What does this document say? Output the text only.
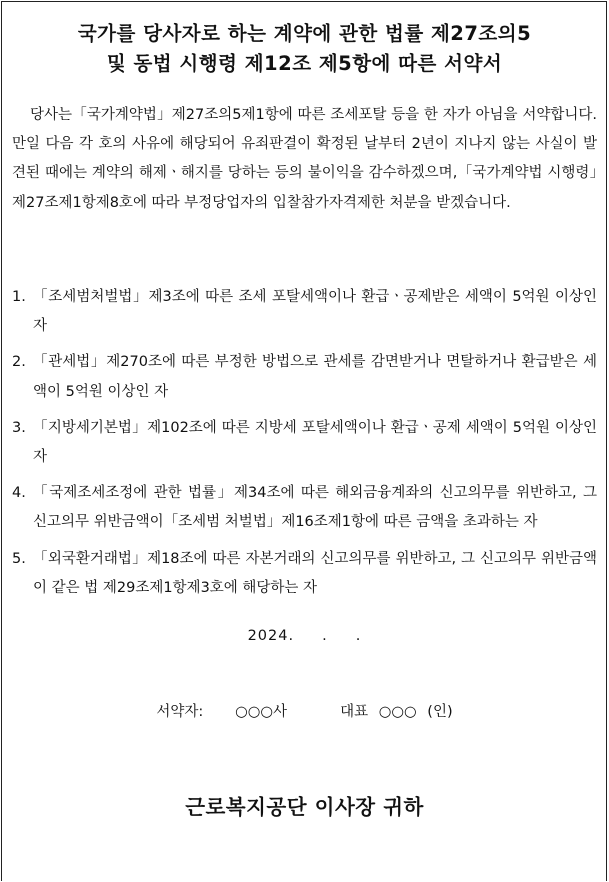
국가를 당사자로 하는 계약에 관한 법률 제27조의5
및 동법 시행령 제12조 제5항에 따른 서약서

당사는「국가계약법」제27조의5제1항에 따른 조세포탈 등을 한 자가 아님을 서약합니다. 만일 다음 각 호의 사유에 해당되어 유죄판결이 확정된 날부터 2년이 지나지 않는 사실이 발견된 때에는 계약의 해제ㆍ해지를 당하는 등의 불이익을 감수하겠으며,「국가계약법 시행령」제27조제1항제8호에 따라 부정당업자의 입찰참가자격제한 처분을 받겠습니다.

1. 「조세범처벌법」제3조에 따른 조세 포탈세액이나 환급ㆍ공제받은 세액이 5억원 이상인 자
2. 「관세법」제270조에 따른 부정한 방법으로 관세를 감면받거나 면탈하거나 환급받은 세액이 5억원 이상인 자
3. 「지방세기본법」제102조에 따른 지방세 포탈세액이나 환급ㆍ공제 세액이 5억원 이상인 자
4. 「국제조세조정에 관한 법률」제34조에 따른 해외금융계좌의 신고의무를 위반하고, 그 신고의무 위반금액이「조세범 처벌법」제16조제1항에 따른 금액을 초과하는 자
5. 「외국환거래법」제18조에 따른 자본거래의 신고의무를 위반하고, 그 신고의무 위반금액이 같은 법 제29조제1항제3호에 해당하는 자
2024.     .     .
서약자:   ○○○사     대표 ○○○ (인)
근로복지공단 이사장 귀하
